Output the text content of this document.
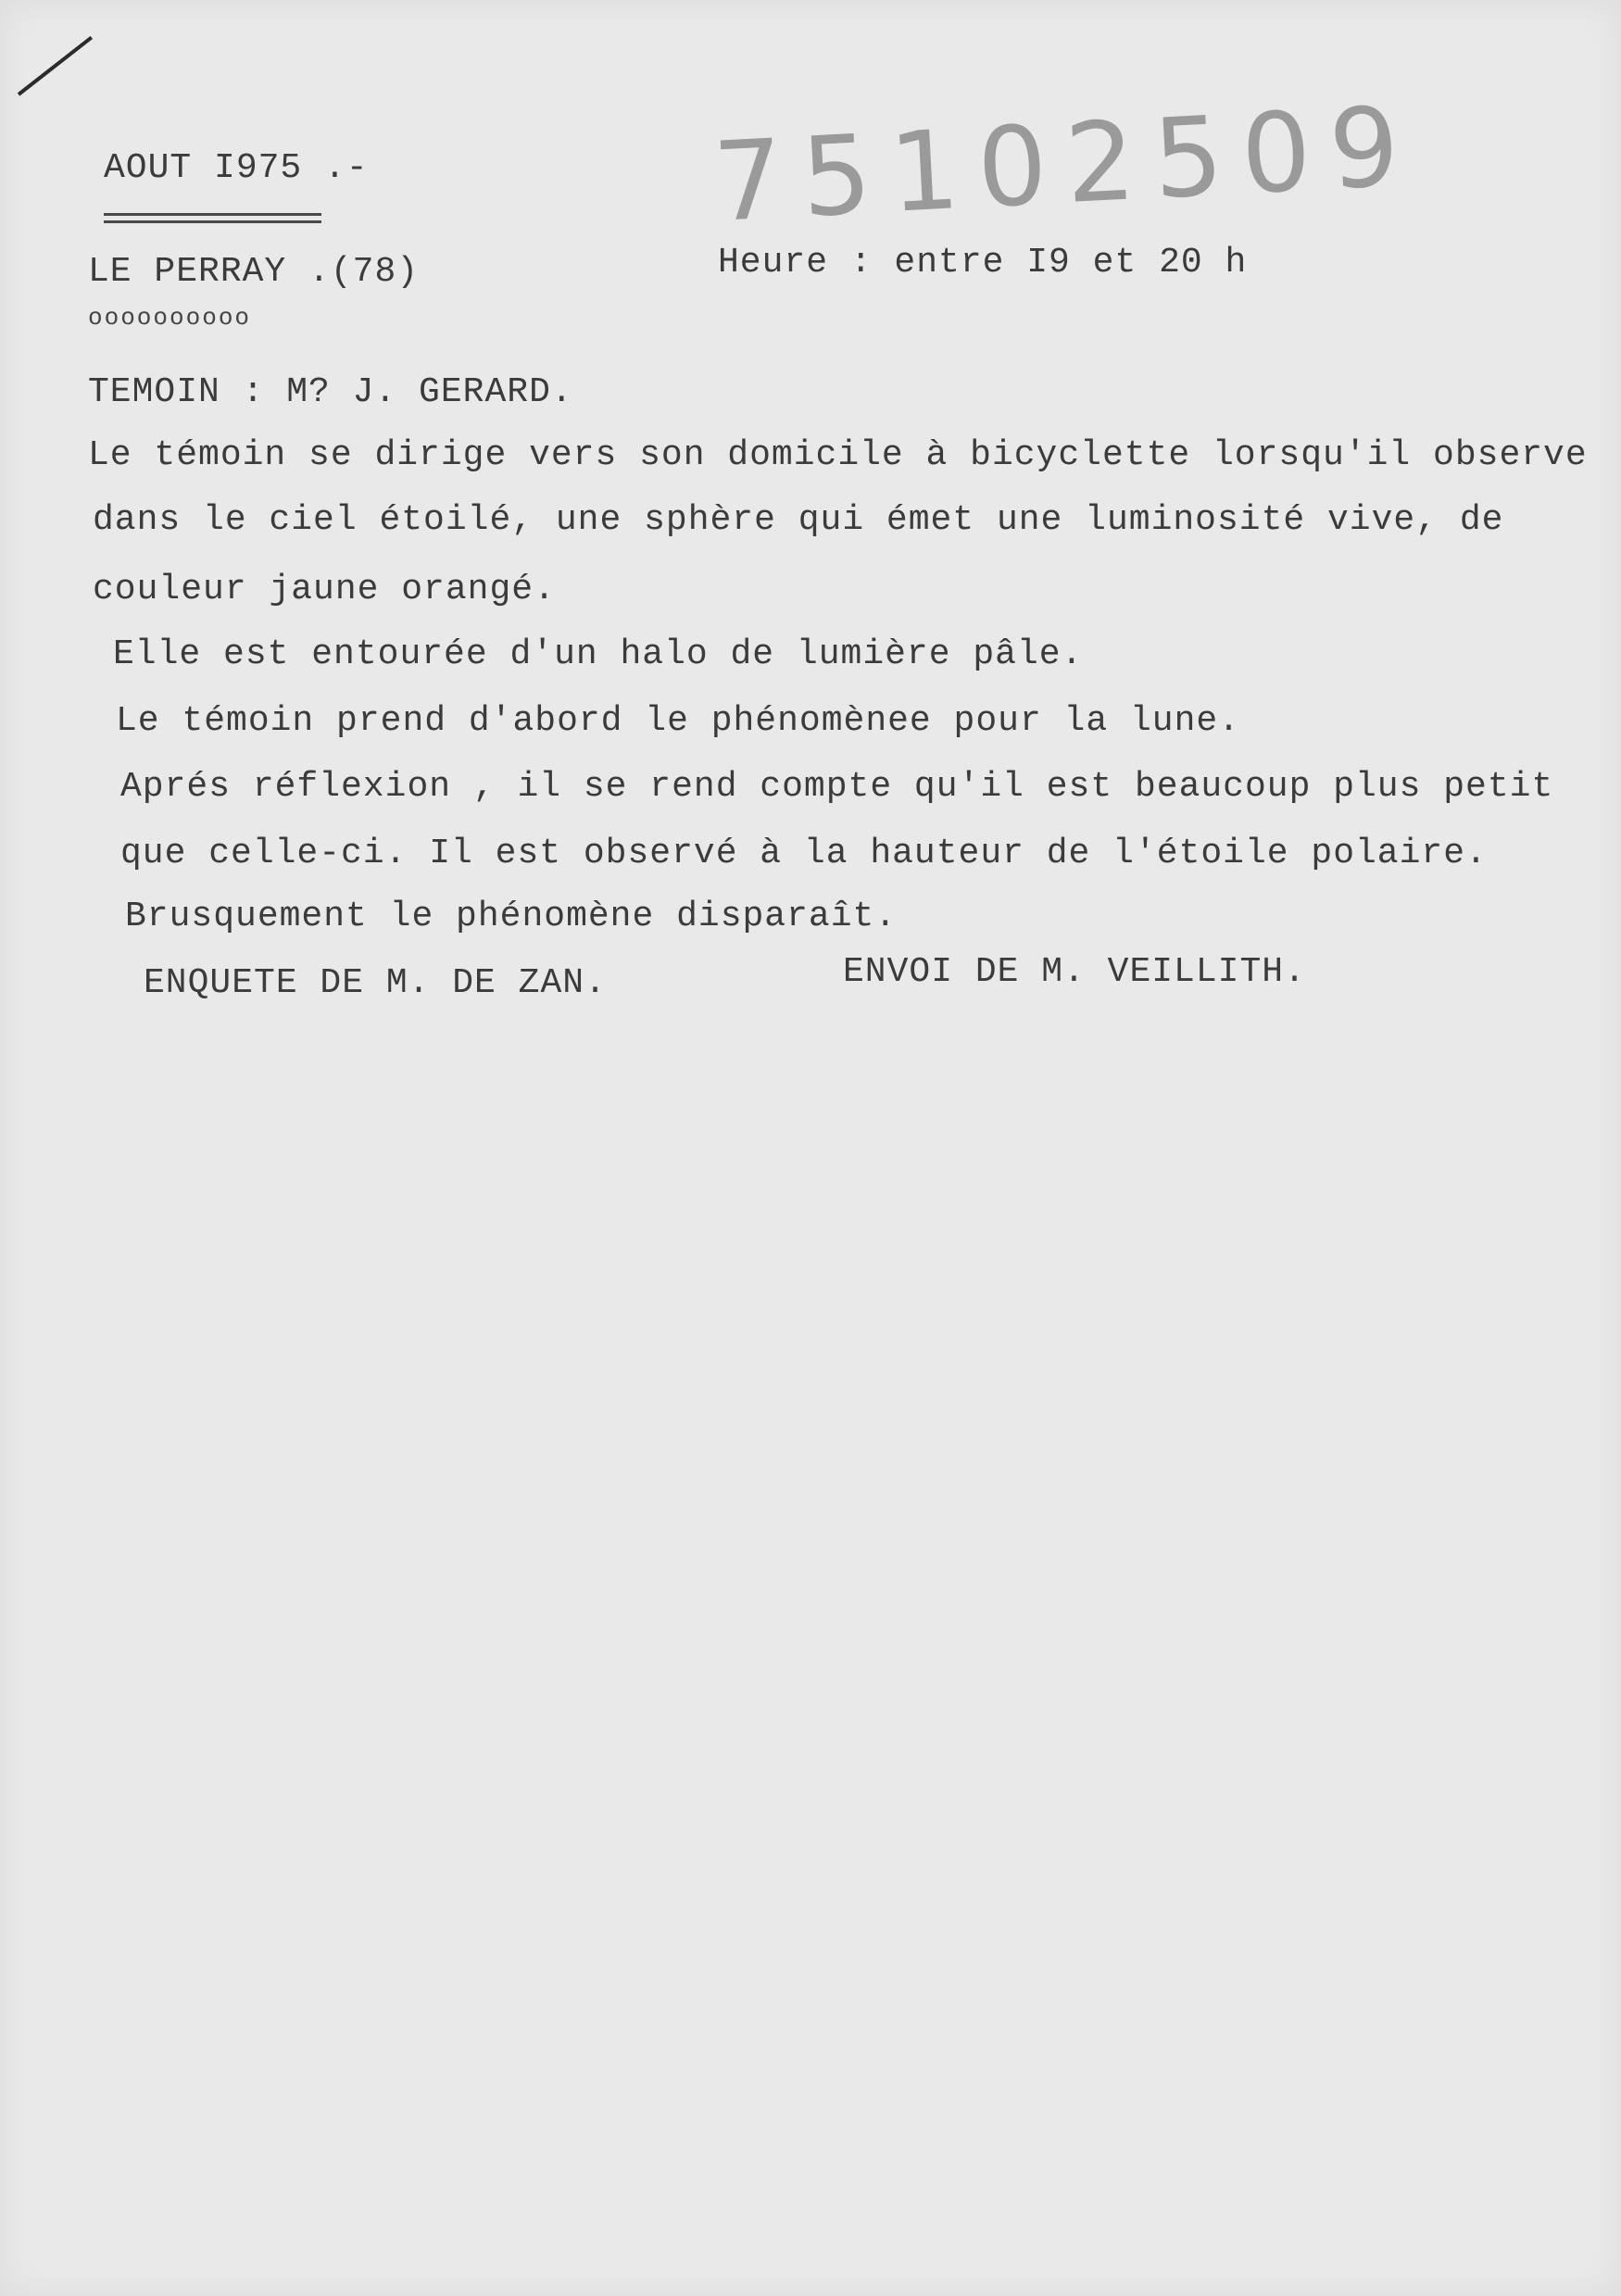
AOUT I975 .-	75102509
LE PERRAY .(78)
oooooooooo
Heure : entre I9 et 20 h
TEMOIN : M? J. GERARD.
Le témoin se dirige vers son domicile à bicyclette lorsqu'il observe
dans le ciel étoilé, une sphère qui émet une luminosité vive, de
couleur jaune orangé.
Elle est entourée d'un halo de lumière pâle.
Le témoin prend d'abord le phénomènee pour la lune.
Aprés réflexion , il se rend compte qu'il est beaucoup plus petit
que celle-ci. Il est observé à la hauteur de l'étoile polaire.
Brusquement le phénomène disparaît.
ENQUETE DE M. DE ZAN.	ENVOI DE M. VEILLITH.
